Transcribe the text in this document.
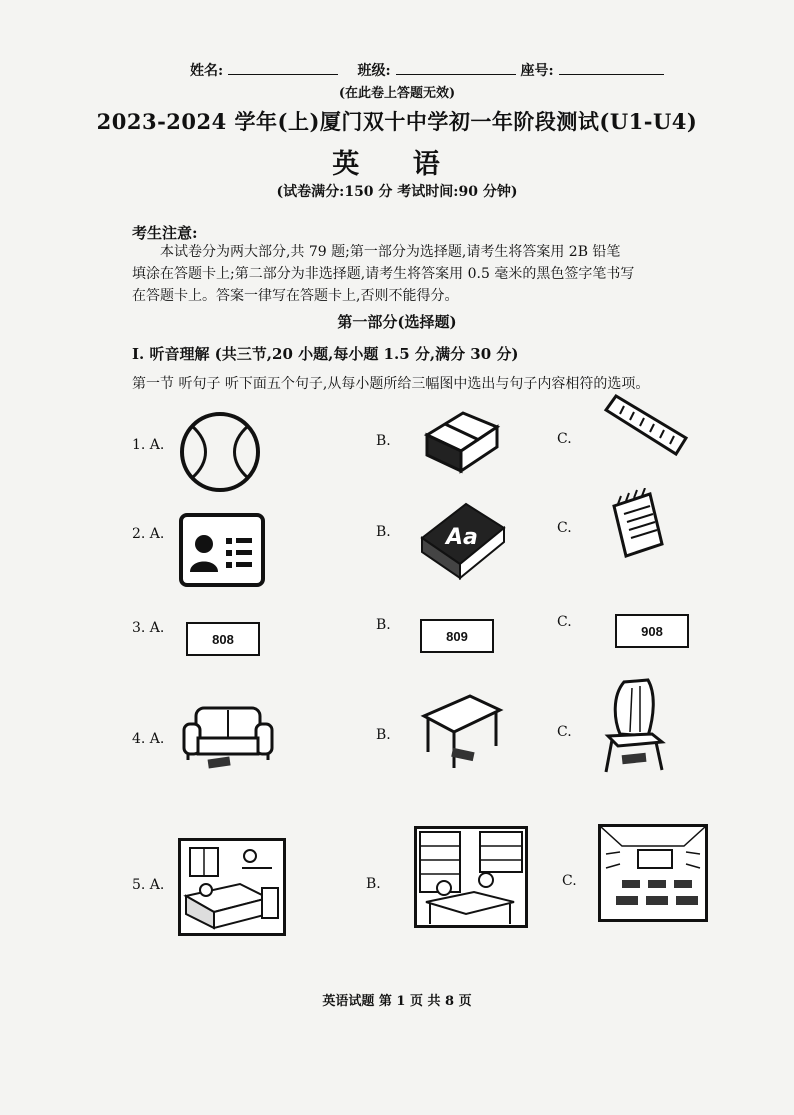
姓名:	班级:	座号:
(在此卷上答题无效)
2023-2024 学年(上)厦门双十中学初一年阶段测试(U1-U4)
英 语
(试卷满分:150 分 考试时间:90 分钟)
考生注意:
本试卷分为两大部分,共 79 题;第一部分为选择题,请考生将答案用 2B 铅笔
填涂在答题卡上;第二部分为非选择题,请考生将答案用 0.5 毫米的黑色签字笔书写
在答题卡上。答案一律写在答题卡上,否则不能得分。
第一部分(选择题)
I. 听音理解 (共三节,20 小题,每小题 1.5 分,满分 30 分)
第一节 听句子 听下面五个句子,从每小题所给三幅图中选出与句子内容相符的选项。
1. A.	B.	C.
2. A.	B.	C.
Aa
3. A.	B.	C.
808	809	908
4. A.	B.	C.
5. A.	B.	C.
英语试题 第 1 页 共 8 页
